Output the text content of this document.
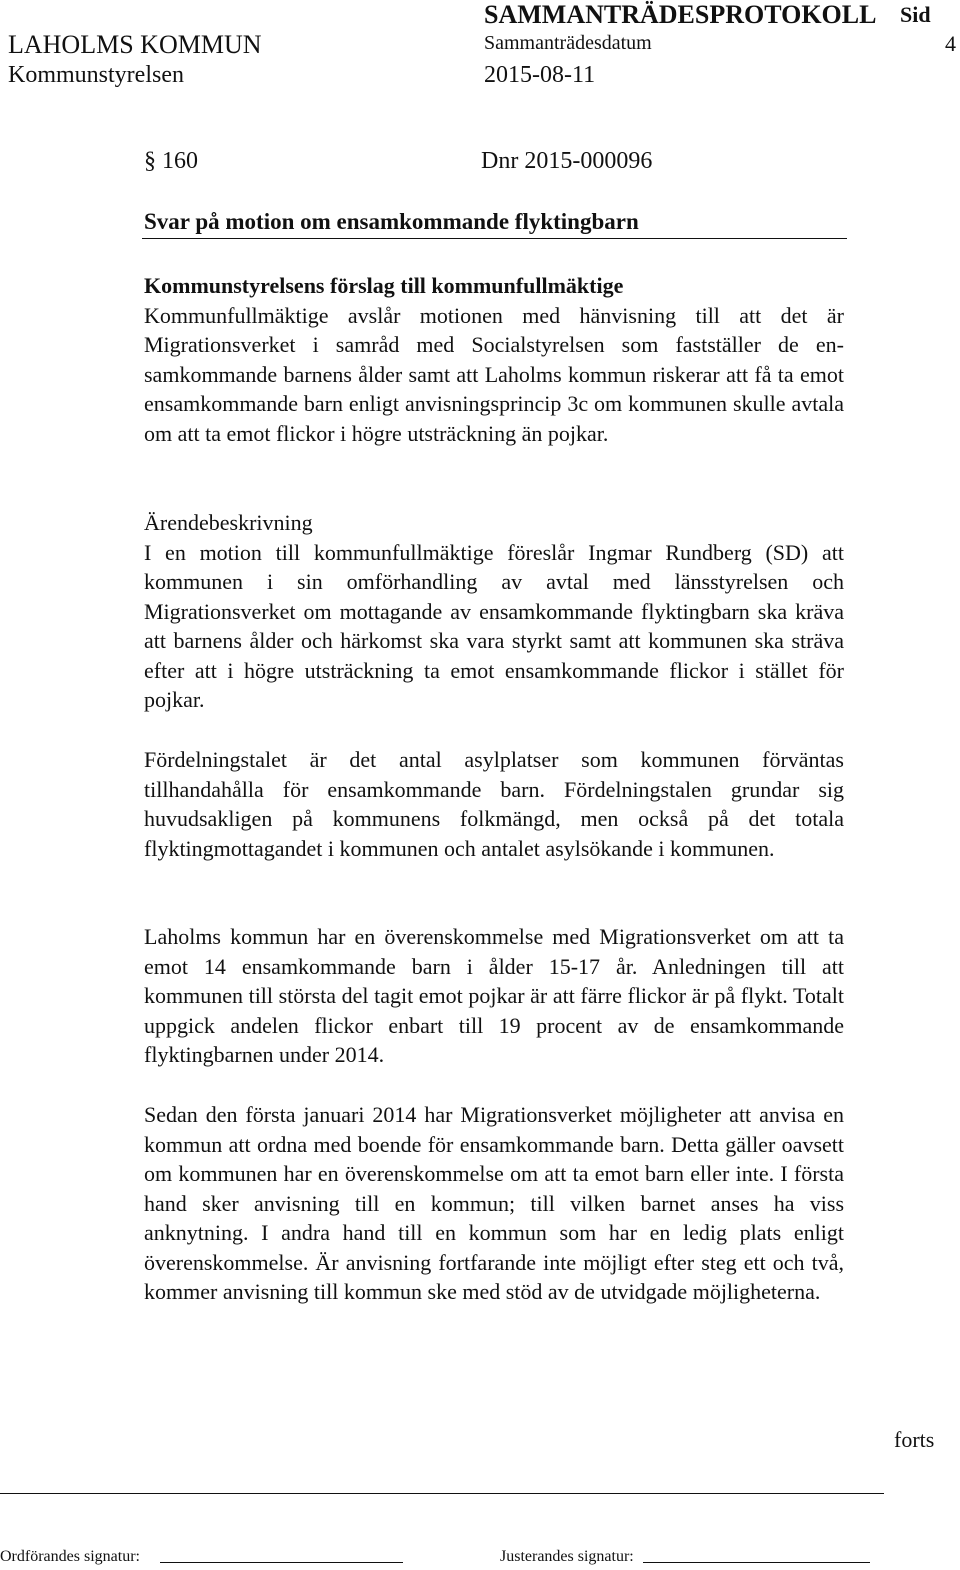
LAHOLMS KOMMUN
Kommunstyrelsen
SAMMANTRÄDESPROTOKOLL
Sammanträdesdatum
2015-08-11
Sid
4
§ 160	Dnr 2015-000096
Svar på motion om ensamkommande flyktingbarn

Kommunstyrelsens förslag till kommunfullmäktige

Kommunfullmäktige avslår motionen med hänvisning till att det är Migrationsverket i samråd med Socialstyrelsen som fastställer de ensamkommande barnens ålder samt att Laholms kommun riskerar att få ta emot ensamkommande barn enligt anvisningsprincip 3c om kommunen skulle avtala om att ta emot flickor i högre utsträckning än pojkar.

Ärendebeskrivning

I en motion till kommunfullmäktige föreslår Ingmar Rundberg (SD) att kommunen i sin omförhandling av avtal med länsstyrelsen och Migrationsverket om mottagande av ensamkommande flyktingbarn ska kräva att barnens ålder och härkomst ska vara styrkt samt att kommunen ska sträva efter att i högre utsträckning ta emot ensamkommande flickor i stället för pojkar.

Fördelningstalet är det antal asylplatser som kommunen förväntas tillhandahålla för ensamkommande barn. Fördelningstalen grundar sig huvudsakligen på kommunens folkmängd, men också på det totala flyktingmottagandet i kommunen och antalet asylsökande i kommunen.

Laholms kommun har en överenskommelse med Migrationsverket om att ta emot 14 ensamkommande barn i ålder 15-17 år. Anledningen till att kommunen till största del tagit emot pojkar är att färre flickor är på flykt. Totalt uppgick andelen flickor enbart till 19 procent av de ensamkommande flyktingbarnen under 2014.

Sedan den första januari 2014 har Migrationsverket möjligheter att anvisa en kommun att ordna med boende för ensamkommande barn. Detta gäller oavsett om kommunen har en överenskommelse om att ta emot barn eller inte. I första hand sker anvisning till en kommun; till vilken barnet anses ha viss anknytning. I andra hand till en kommun som har en ledig plats enligt överenskommelse. Är anvisning fortfarande inte möjligt efter steg ett och två, kommer anvisning till kommun ske med stöd av de utvidgade möjligheterna.

forts
Ordförandes signatur:	Justerandes signatur:
